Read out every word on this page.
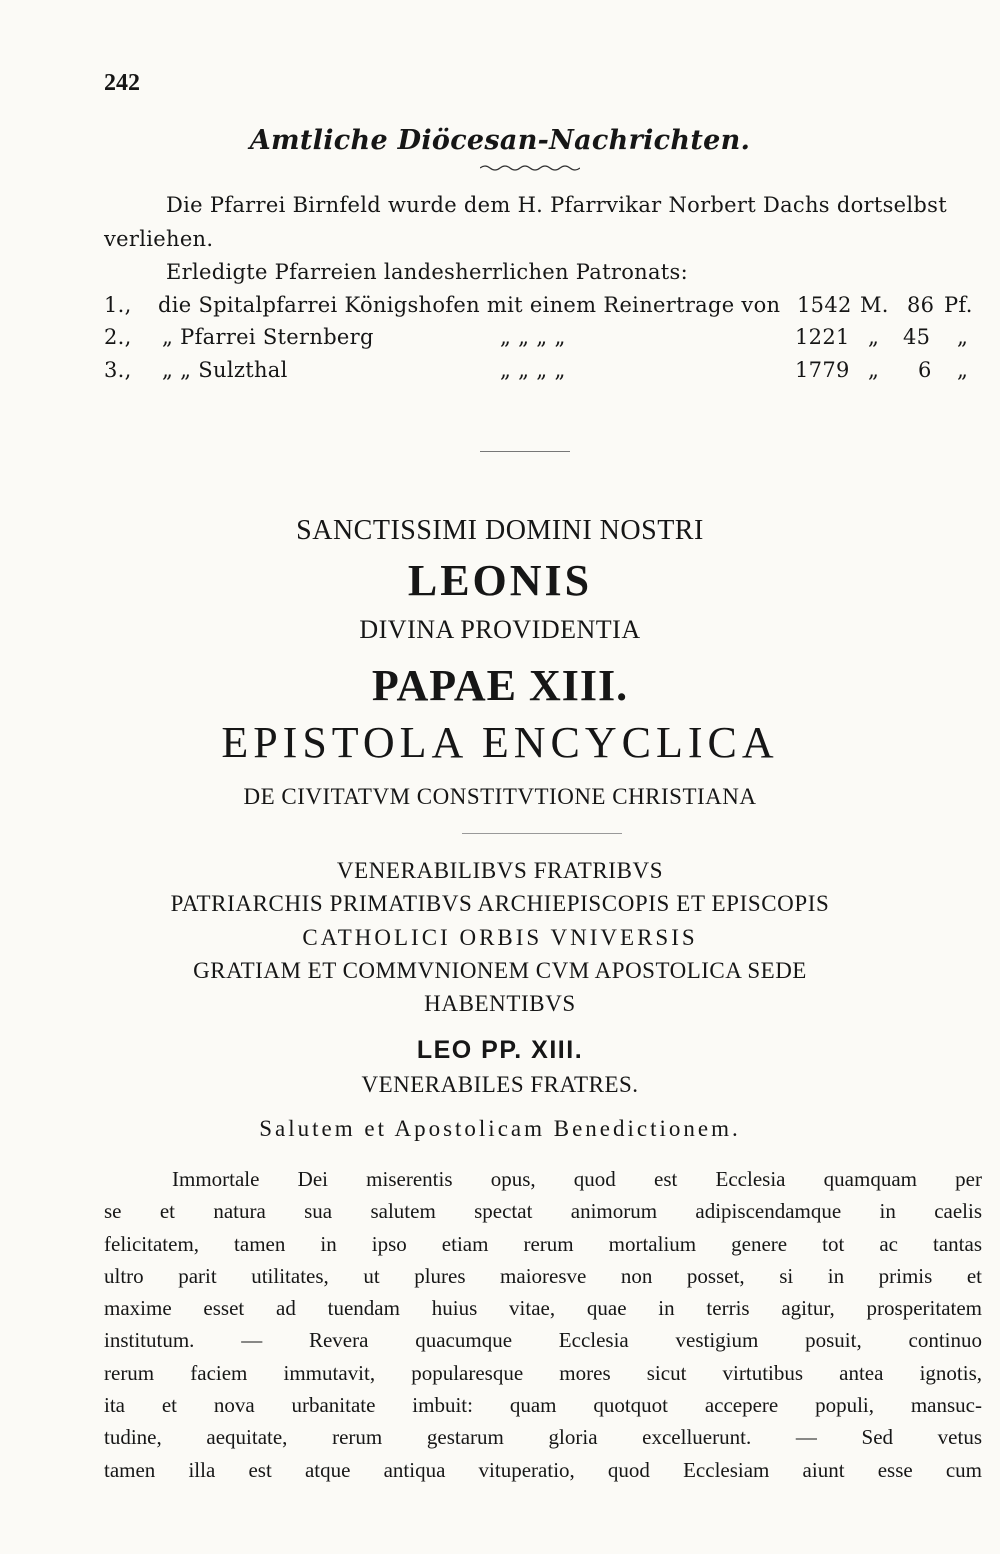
242
Amtliche Diöcesan-Nachrichten.
Die Pfarrei Birnfeld wurde dem H. Pfarrvikar Norbert Dachs dortselbst
verliehen.
Erledigte Pfarreien landesherrlichen Patronats:
1., die Spitalpfarrei Königshofen mit einem Reinertrage von 1542 M. 86 Pf.
2., „ Pfarrei Sternberg	„ „ „ „	1221 „ 45 „
3., „ „ Sulzthal	„ „ „ „	1779 „ 6 „
SANCTISSIMI DOMINI NOSTRI
LEONIS
DIVINA PROVIDENTIA
PAPAE XIII.
EPISTOLA ENCYCLICA
DE CIVITATVM CONSTITVTIONE CHRISTIANA
VENERABILIBVS FRATRIBVS
PATRIARCHIS PRIMATIBVS ARCHIEPISCOPIS ET EPISCOPIS
CATHOLICI ORBIS VNIVERSIS
GRATIAM ET COMMVNIONEM CVM APOSTOLICA SEDE
HABENTIBVS
LEO PP. XIII.
VENERABILES FRATRES.
Salutem et Apostolicam Benedictionem.
Immortale Dei miserentis opus, quod est Ecclesia quamquam per
se et natura sua salutem spectat animorum adipiscendamque in caelis
felicitatem, tamen in ipso etiam rerum mortalium genere tot ac tantas
ultro parit utilitates, ut plures maioresve non posset, si in primis et
maxime esset ad tuendam huius vitae, quae in terris agitur, prosperitatem
institutum. — Revera quacumque Ecclesia vestigium posuit, continuo
rerum faciem immutavit, popularesque mores sicut virtutibus antea ignotis,
ita et nova urbanitate imbuit: quam quotquot accepere populi, mansuc-
tudine, aequitate, rerum gestarum gloria excelluerunt. — Sed vetus
tamen illa est atque antiqua vituperatio, quod Ecclesiam aiunt esse cum
